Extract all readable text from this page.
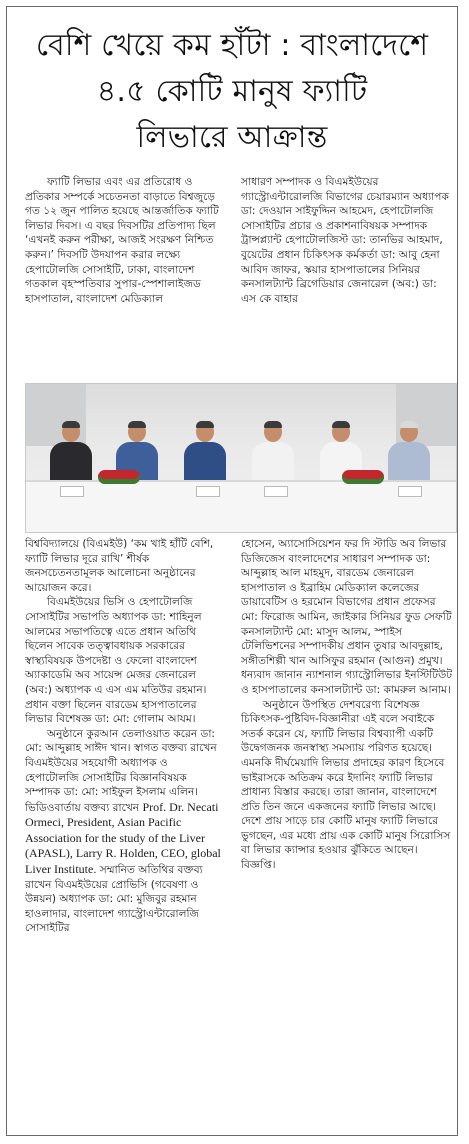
বেশি খেয়ে কম হাঁটা : বাংলাদেশে
৪.৫ কোটি মানুষ ফ্যাটি
লিভারে আক্রান্ত

ফ্যাটি লিভার এবং এর প্রতিরোধ ও প্রতিকার সম্পর্কে সচেতনতা বাড়াতে বিশ্বজুড়ে গত ১২ জুন পালিত হয়েছে আন্তর্জাতিক ফ্যাটি লিভার দিবস। এ বছর দিবসটির প্রতিপাদ্য ছিল ‘এখনই করুন পরীক্ষা, আজই সংরক্ষণ নিশ্চিত করুন।’ দিবসটি উদযাপন করার লক্ষ্যে হেপাটোলজি সোসাইটি, ঢাকা, বাংলাদেশ গতকাল বৃহস্পতিবার সুপার-স্পেশালাইজড হাসপাতাল, বাংলাদেশ মেডিক্যাল

সাধারণ সম্পাদক ও বিএমইউয়ের গ্যাস্ট্রোএন্টারোলজি বিভাগের চেয়ারম্যান অধ্যাপক ডা: দেওয়ান সাইফুদ্দিন আহমেদ, হেপাটোলজি সোসাইটির প্রচার ও প্রকাশনাবিষয়ক সম্পাদক ট্রান্সপ্ল্যান্ট হেপাটোলজিস্ট ডা: তানভির আহমাদ, বুয়েটের প্রধান চিকিৎসক কর্মকর্তা ডা: আবু হেনা আবিদ জাফর, স্কয়ার হাসপাতালের সিনিয়র কনসালট্যান্ট ব্রিগেডিয়ার জেনারেল (অব:) ডা: এস কে বাহার

বিশ্ববিদ্যালয়ে (বিএমইউ) ‘কম খাই হাঁটি বেশি, ফ্যাটি লিভার দূরে রাখি’ শীর্ষক জনসচেতনতামূলক আলোচনা অনুষ্ঠানের আয়োজন করে।

বিএমইউয়ের ভিসি ও হেপাটোলজি সোসাইটির সভাপতি অধ্যাপক ডা: শাহিনুল আলমের সভাপতিত্বে এতে প্রধান অতিথি ছিলেন সাবেক তত্ত্বাবধায়ক সরকারের স্বাস্থ্যবিষয়ক উপদেষ্টা ও ফেলো বাংলাদেশ অ্যাকাডেমি অব সায়েন্স মেজর জেনারেল (অব:) অধ্যাপক এ এস এম মতিউর রহমান। প্রধান বক্তা ছিলেন বারডেম হাসপাতালের লিভার বিশেষজ্ঞ ডা: মো: গোলাম আযম।

অনুষ্ঠানে কুরআন তেলাওয়াত করেন ডা: মো: আব্দুল্লাহ সাঈদ খান। স্বাগত বক্তব্য রাখেন বিএমইউয়ের সহযোগী অধ্যাপক ও হেপাটোলজি সোসাইটির বিজ্ঞানবিষয়ক সম্পাদক ডা: মো: সাইফুল ইসলাম এলিন। ভিডিওবার্তায় বক্তব্য রাখেন Prof. Dr. Necati Ormeci, President, Asian Pacific Association for the study of the Liver (APASL), Larry R. Holden, CEO, global Liver Institute. সম্মানিত অতিথির বক্তব্য রাখেন বিএমইউয়ের প্রোভিসি (গবেষণা ও উন্নয়ন) অধ্যাপক ডা: মো: মুজিবুর রহমান হাওলাদার, বাংলাদেশ গ্যাস্ট্রোএন্টারোলজি সোসাইটির

হোসেন, অ্যাসোসিয়েশন ফর দি স্টাডি অব লিভার ডিজিজেস বাংলাদেশের সাধারণ সম্পাদক ডা: আব্দুল্লাহ আল মাহমুদ, বারডেম জেনারেল হাসপাতাল ও ইব্রাহিম মেডিক্যাল কলেজের ডায়াবেটিস ও হরমোন বিভাগের প্রধান প্রফেসর মো: ফিরোজ আমিন, জাইকার সিনিয়র ফুড সেফটি কনসালট্যান্ট মো: মাসুদ আলম, স্পাইস টেলিভিশনের সম্পাদকীয় প্রধান তুষার আবদুল্লাহ, সঙ্গীতশিল্পী খান আসিফুর রহমান (আগুন) প্রমুখ। ধন্যবাদ জানান ন্যাশনাল গ্যাস্ট্রোলিভার ইনস্টিটিউট ও হাসপাতালের কনসালট্যান্ট ডা: কামরুল আনাম।

অনুষ্ঠানে উপস্থিত দেশবরেণ্য বিশেষজ্ঞ চিকিৎসক-পুষ্টিবিদ-বিজ্ঞানীরা এই বলে সবাইকে সতর্ক করেন যে, ফ্যাটি লিভার বিশ্বব্যাপী একটি উদ্বেগজনক জনস্বাস্থ্য সমস্যায় পরিণত হয়েছে। এমনকি দীর্ঘমেয়াদি লিভার প্রদাহের কারণ হিসেবে ভাইরাসকে অতিক্রম করে ইদানিং ফ্যাটি লিভার প্রাধান্য বিস্তার করছে। তারা জানান, বাংলাদেশে প্রতি তিন জনে একজনের ফ্যাটি লিভার আছে। দেশে প্রায় সাড়ে চার কোটি মানুষ ফ্যাটি লিভারে ভুগছেন, এর মধ্যে প্রায় এক কোটি মানুষ সিরোসিস বা লিভার ক্যান্সার হওয়ার ঝুঁকিতে আছেন। বিজ্ঞপ্তি।
